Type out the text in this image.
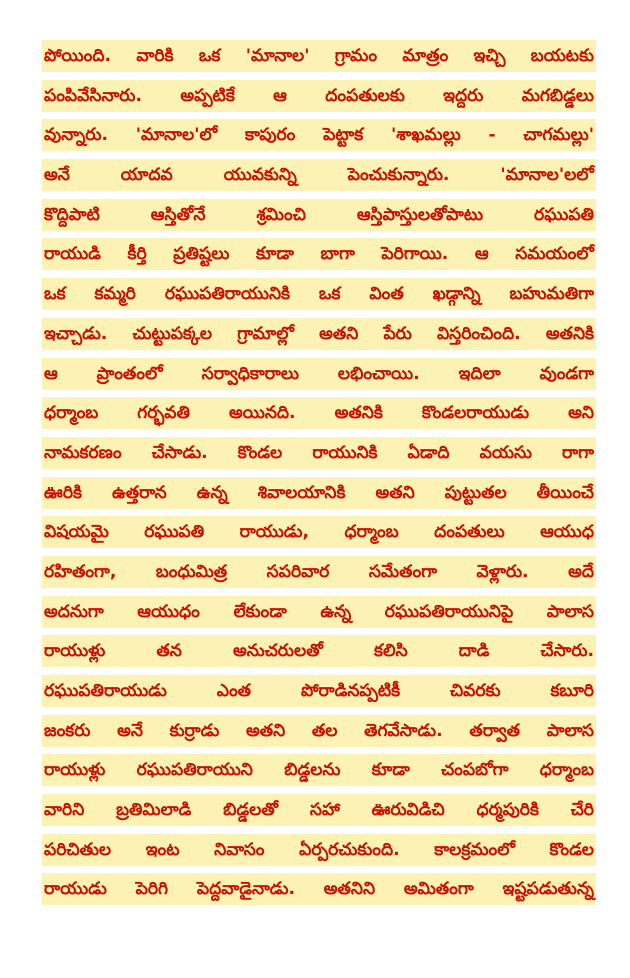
పోయింది. వారికి ఒక 'మానాల' గ్రామం మాత్రం ఇచ్చి బయటకు
పంపివేసినారు. అప్పటికే ఆ దంపతులకు ఇద్దరు మగబిడ్డలు
వున్నారు. 'మానాల'లో కాపురం పెట్టాక 'శాఖమల్లు - చాగమల్లు'
అనే యాదవ యువకున్ని పెంచుకున్నారు. 'మానాల'లలో
కొద్దిపాటి ఆస్తితోనే శ్రమించి ఆస్తిపాస్తులతోపాటు రఘుపతి
రాయుడి కీర్తి ప్రతిష్టలు కూడా బాగా పెరిగాయి. ఆ సమయంలో
ఒక కమ్మరి రఘుపతిరాయునికి ఒక వింత ఖడ్గాన్ని బహుమతిగా
ఇచ్చాడు. చుట్టుపక్కల గ్రామాల్లో అతని పేరు విస్తరించింది. అతనికి
ఆ ప్రాంతంలో సర్వాధికారాలు లభించాయి. ఇదిలా వుండగా
ధర్మాంబ గర్భవతి అయినది. అతనికి కొండలరాయుడు అని
నామకరణం చేసాడు. కొండల రాయునికి ఏడాది వయసు రాగా
ఊరికి ఉత్తరాన ఉన్న శివాలయానికి అతని పుట్టుతల తీయించే
విషయమై రఘుపతి రాయుడు, ధర్మాంబ దంపతులు ఆయుధ
రహితంగా, బంధుమిత్ర సపరివార సమేతంగా వెళ్లారు. అదే
అదనుగా ఆయుధం లేకుండా ఉన్న రఘుపతిరాయునిపై పాలాస
రాయుళ్లు తన అనుచరులతో కలిసి దాడి చేసారు.
రఘుపతిరాయుడు ఎంత పోరాడినప్పటికీ చివరకు కబూరి
జంకరు అనే కుర్రాడు అతని తల తెగవేసాడు. తర్వాత పాలాస
రాయుళ్లు రఘుపతిరాయుని బిడ్డలను కూడా చంపబోగా ధర్మాంబ
వారిని బ్రతిమిలాడి బిడ్డలతో సహా ఊరువిడిచి ధర్మపురికి చేరి
పరిచితుల ఇంట నివాసం ఏర్పరచుకుంది. కాలక్రమంలో కొండల
రాయుడు పెరిగి పెద్దవాడైనాడు. అతనిని అమితంగా ఇష్టపడుతున్న
